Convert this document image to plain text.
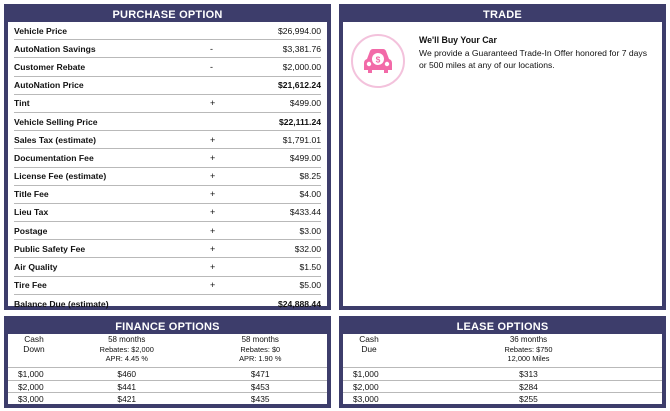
PURCHASE OPTION
Vehicle Price	$26,994.00
AutoNation Savings	-	$3,381.76
Customer Rebate	-	$2,000.00
AutoNation Price	$21,612.24
Tint	+	$499.00
Vehicle Selling Price	$22,111.24
Sales Tax (estimate)	+	$1,791.01
Documentation Fee	+	$499.00
License Fee (estimate)	+	$8.25
Title Fee	+	$4.00
Lieu Tax	+	$433.44
Postage	+	$3.00
Public Safety Fee	+	$32.00
Air Quality	+	$1.50
Tire Fee	+	$5.00
Balance Due (estimate)	$24,888.44
TRADE
$
We'll Buy Your Car
We provide a Guaranteed Trade-In Offer honored for 7 days or 500 miles at any of our locations.
FINANCE OPTIONS
Cash
Down
58 months
Rebates: $2,000
APR: 4.45 %
58 months
Rebates: $0
APR: 1.90 %
$1,000	$460	$471
$2,000	$441	$453
$3,000	$421	$435
LEASE OPTIONS
Cash
Due
36 months
Rebates: $750
12,000 Miles
$1,000	$313
$2,000	$284
$3,000	$255
